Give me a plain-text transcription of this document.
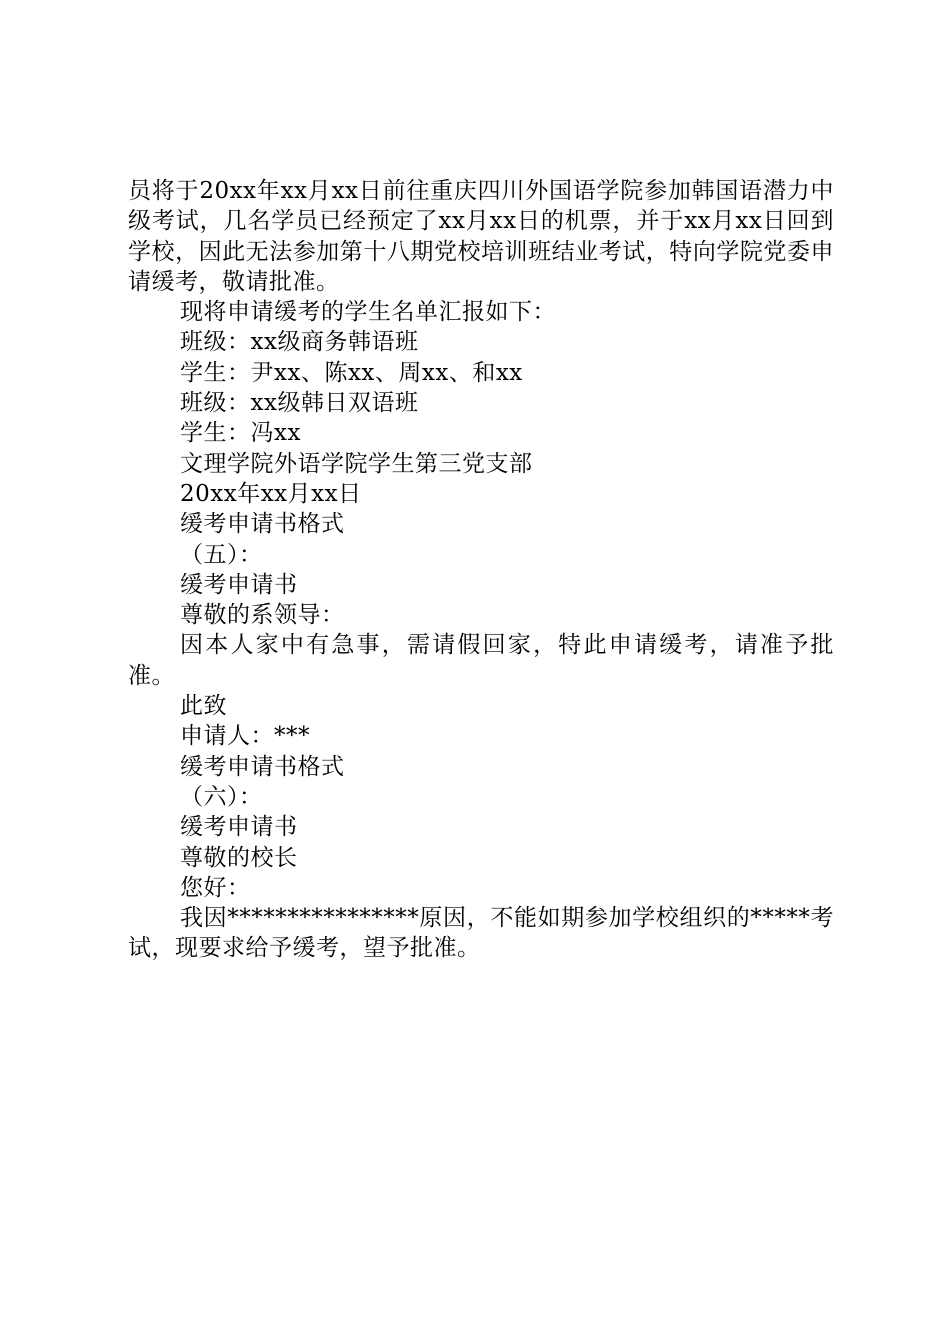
员将于20xx年xx月xx日前往重庆四川外国语学院参加韩国语潜力中级考试，几名学员已经预定了xx月xx日的机票，并于xx月xx日回到学校，因此无法参加第十八期党校培训班结业考试，特向学院党委申请缓考，敬请批准。

现将申请缓考的学生名单汇报如下：

班级：xx级商务韩语班

学生：尹xx、陈xx、周xx、和xx

班级：xx级韩日双语班

学生：冯xx

文理学院外语学院学生第三党支部

20xx年xx月xx日

缓考申请书格式

（五）：

缓考申请书

尊敬的系领导：

因本人家中有急事，需请假回家，特此申请缓考，请准予批准。

此致

申请人：***

缓考申请书格式

（六）：

缓考申请书

尊敬的校长

您好：

我因****************原因，不能如期参加学校组织的*****考试，现要求给予缓考，望予批准。
